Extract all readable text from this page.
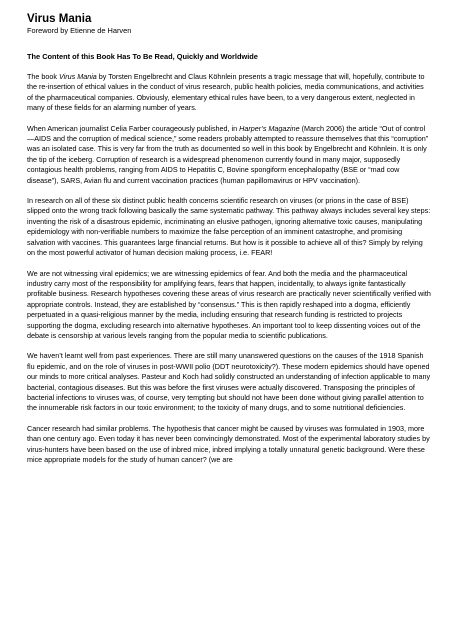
Virus Mania
Foreword by Etienne de Harven
The Content of this Book Has To Be Read, Quickly and Worldwide

The book Virus Mania by Torsten Engelbrecht and Claus Köhnlein presents a tragic message that will, hopefully, contribute to the re-insertion of ethical values in the conduct of virus research, public health policies, media communications, and activities of the pharmaceutical companies. Obviously, elementary ethical rules have been, to a very dangerous extent, neglected in many of these fields for an alarming number of years.

When American journalist Celia Farber courageously published, in Harper’s Magazine (March 2006) the article “Out of control—AIDS and the corruption of medical science,” some readers probably attempted to reassure themselves that this “corruption” was an isolated case. This is very far from the truth as documented so well in this book by Engelbrecht and Köhnlein. It is only the tip of the iceberg. Corruption of research is a widespread phenomenon currently found in many major, supposedly contagious health problems, ranging from AIDS to Hepatitis C, Bovine spongiform encephalopathy (BSE or “mad cow disease”), SARS, Avian flu and current vaccination practices (human papillomavirus or HPV vaccination).

In research on all of these six distinct public health concerns scientific research on viruses (or prions in the case of BSE) slipped onto the wrong track following basically the same systematic pathway. This pathway always includes several key steps: inventing the risk of a disastrous epidemic, incriminating an elusive pathogen, ignoring alternative toxic causes, manipulating epidemiology with non-verifiable numbers to maximize the false perception of an imminent catastrophe, and promising salvation with vaccines. This guarantees large financial returns. But how is it possible to achieve all of this? Simply by relying on the most powerful activator of human decision making process, i.e. FEAR!

We are not witnessing viral epidemics; we are witnessing epidemics of fear. And both the media and the pharmaceutical industry carry most of the responsibility for amplifying fears, fears that happen, incidentally, to always ignite fantastically profitable business. Research hypotheses covering these areas of virus research are practically never scientifically verified with appropriate controls. Instead, they are established by “consensus.” This is then rapidly reshaped into a dogma, efficiently perpetuated in a quasi-religious manner by the media, including ensuring that research funding is restricted to projects supporting the dogma, excluding research into alternative hypotheses. An important tool to keep dissenting voices out of the debate is censorship at various levels ranging from the popular media to scientific publications.

We haven’t learnt well from past experiences. There are still many unanswered questions on the causes of the 1918 Spanish flu epidemic, and on the role of viruses in post-WWII polio (DDT neurotoxicity?). These modern epidemics should have opened our minds to more critical analyses. Pasteur and Koch had solidly constructed an understanding of infection applicable to many bacterial, contagious diseases. But this was before the first viruses were actually discovered. Transposing the principles of bacterial infections to viruses was, of course, very tempting but should not have been done without giving parallel attention to the innumerable risk factors in our toxic environment; to the toxicity of many drugs, and to some nutritional deficiencies.

Cancer research had similar problems. The hypothesis that cancer might be caused by viruses was formulated in 1903, more than one century ago. Even today it has never been convincingly demonstrated. Most of the experimental laboratory studies by virus-hunters have been based on the use of inbred mice, inbred implying a totally unnatural genetic background. Were these mice appropriate models for the study of human cancer? (we are
